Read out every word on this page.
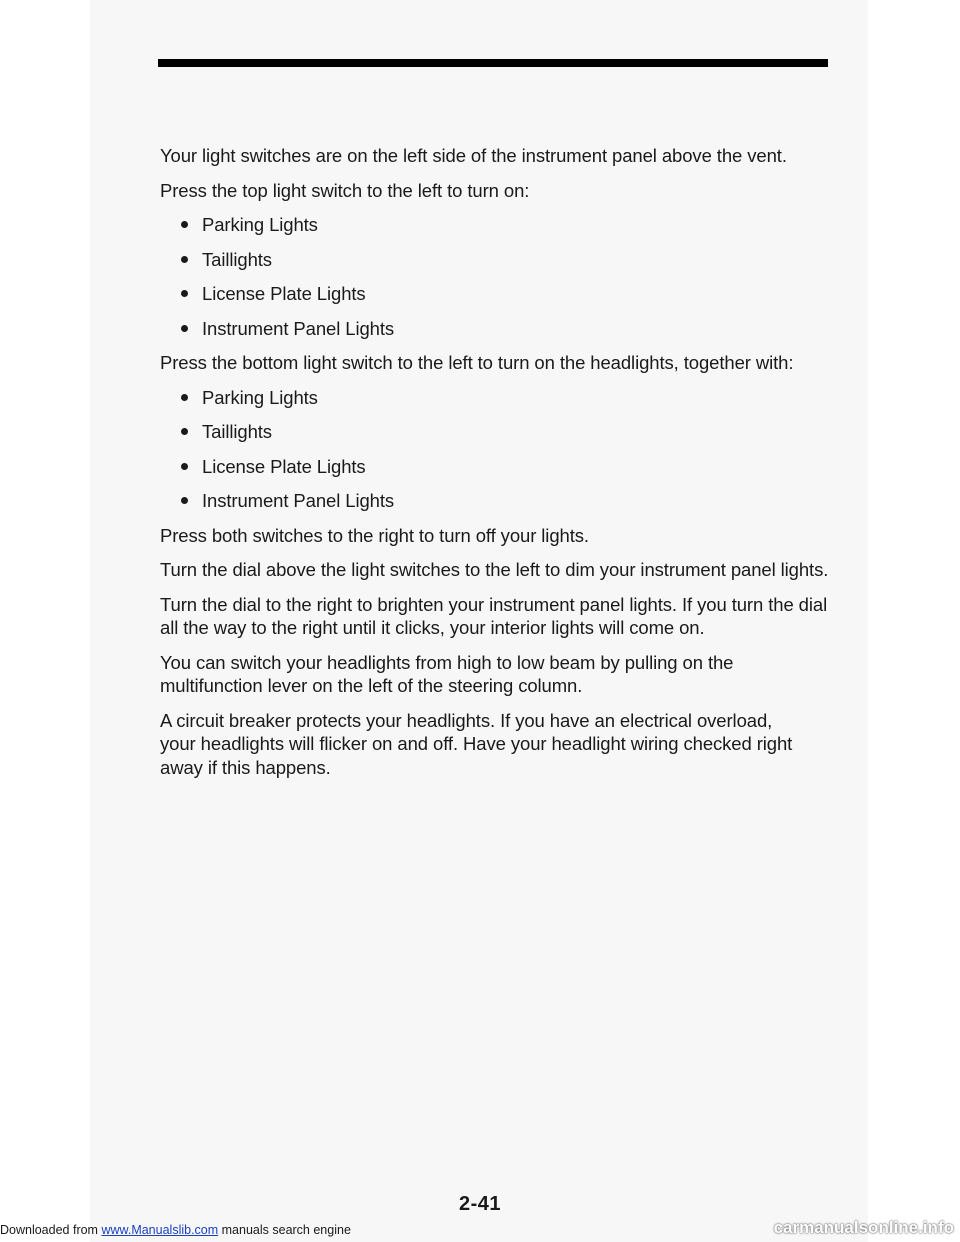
Your light switches are on the left side of the instrument panel above the vent.

Press the top light switch to the left to turn on:

Parking Lights
Taillights
License Plate Lights
Instrument Panel Lights

Press the bottom light switch to the left to turn on the headlights, together with:

Parking Lights
Taillights
License Plate Lights
Instrument Panel Lights

Press both switches to the right to turn off your lights.

Turn the dial above the light switches to the left to dim your instrument panel lights.

Turn the dial to the right to brighten your instrument panel lights. If you turn the dial all the way to the right until it clicks, your interior lights will come on.

You can switch your headlights from high to low beam by pulling on the multifunction lever on the left of the steering column.

A circuit breaker protects your headlights. If you have an electrical overload, your headlights will flicker on and off. Have your headlight wiring checked right away if this happens.

2-41
Downloaded from www.Manualslib.com manuals search engine	carmanualsonline.info
